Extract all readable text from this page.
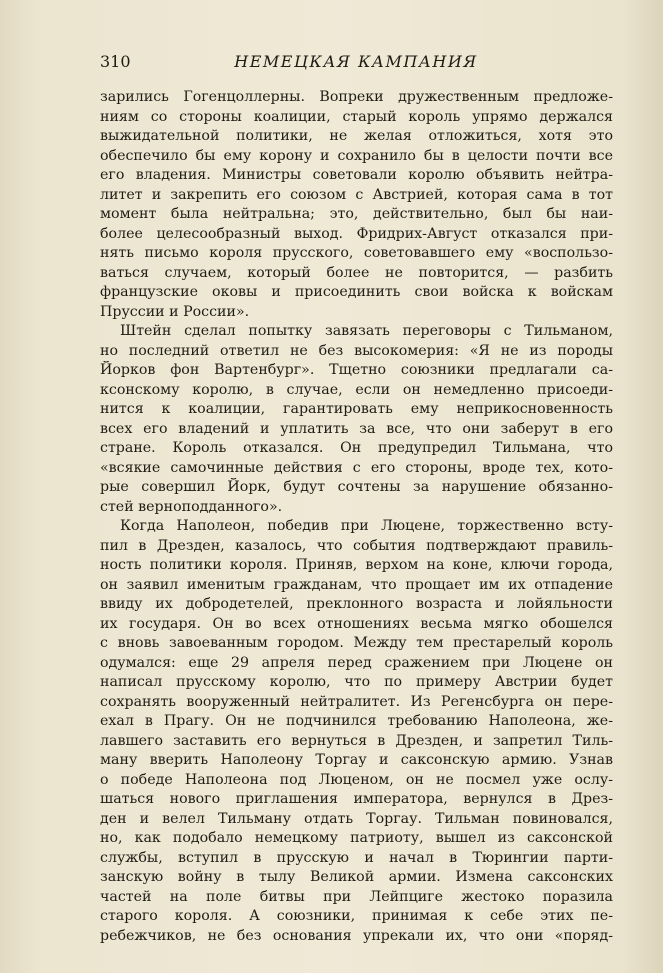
310	НЕМЕЦКАЯ КАМПАНИЯ
зарились Гогенцоллерны. Вопреки дружественным предложе-
ниям со стороны коалиции, старый король упрямо держался
выжидательной политики, не желая отложиться, хотя это
обеспечило бы ему корону и сохранило бы в целости почти все
его владения. Министры советовали королю объявить нейтра-
литет и закрепить его союзом с Австрией, которая сама в тот
момент была нейтральна; это, действительно, был бы наи-
более целесообразный выход. Фридрих-Август отказался при-
нять письмо короля прусского, советовавшего ему «воспользо-
ваться случаем, который более не повторится, — разбить
французские оковы и присоединить свои войска к войскам
Пруссии и России».
Штейн сделал попытку завязать переговоры с Тильманом,
но последний ответил не без высокомерия: «Я не из породы
Йорков фон Вартенбург». Тщетно союзники предлагали са-
ксонскому королю, в случае, если он немедленно присоеди-
нится к коалиции, гарантировать ему неприкосновенность
всех его владений и уплатить за все, что они заберут в его
стране. Король отказался. Он предупредил Тильмана, что
«всякие самочинные действия с его стороны, вроде тех, кото-
рые совершил Йорк, будут сочтены за нарушение обязанно-
стей верноподданного».
Когда Наполеон, победив при Люцене, торжественно всту-
пил в Дрезден, казалось, что события подтверждают правиль-
ность политики короля. Приняв, верхом на коне, ключи города,
он заявил именитым гражданам, что прощает им их отпадение
ввиду их добродетелей, преклонного возраста и лойяльности
их государя. Он во всех отношениях весьма мягко обошелся
с вновь завоеванным городом. Между тем престарелый король
одумался: еще 29 апреля перед сражением при Люцене он
написал прусскому королю, что по примеру Австрии будет
сохранять вооруженный нейтралитет. Из Регенсбурга он пере-
ехал в Прагу. Он не подчинился требованию Наполеона, же-
лавшего заставить его вернуться в Дрезден, и запретил Тиль-
ману вверить Наполеону Торгау и саксонскую армию. Узнав
о победе Наполеона под Люценом, он не посмел уже ослу-
шаться нового приглашения императора, вернулся в Дрез-
ден и велел Тильману отдать Торгау. Тильман повиновался,
но, как подобало немецкому патриоту, вышел из саксонской
службы, вступил в прусскую и начал в Тюрингии парти-
занскую войну в тылу Великой армии. Измена саксонских
частей на поле битвы при Лейпциге жестоко поразила
старого короля. А союзники, принимая к себе этих пе-
ребежчиков, не без основания упрекали их, что они «поряд-
